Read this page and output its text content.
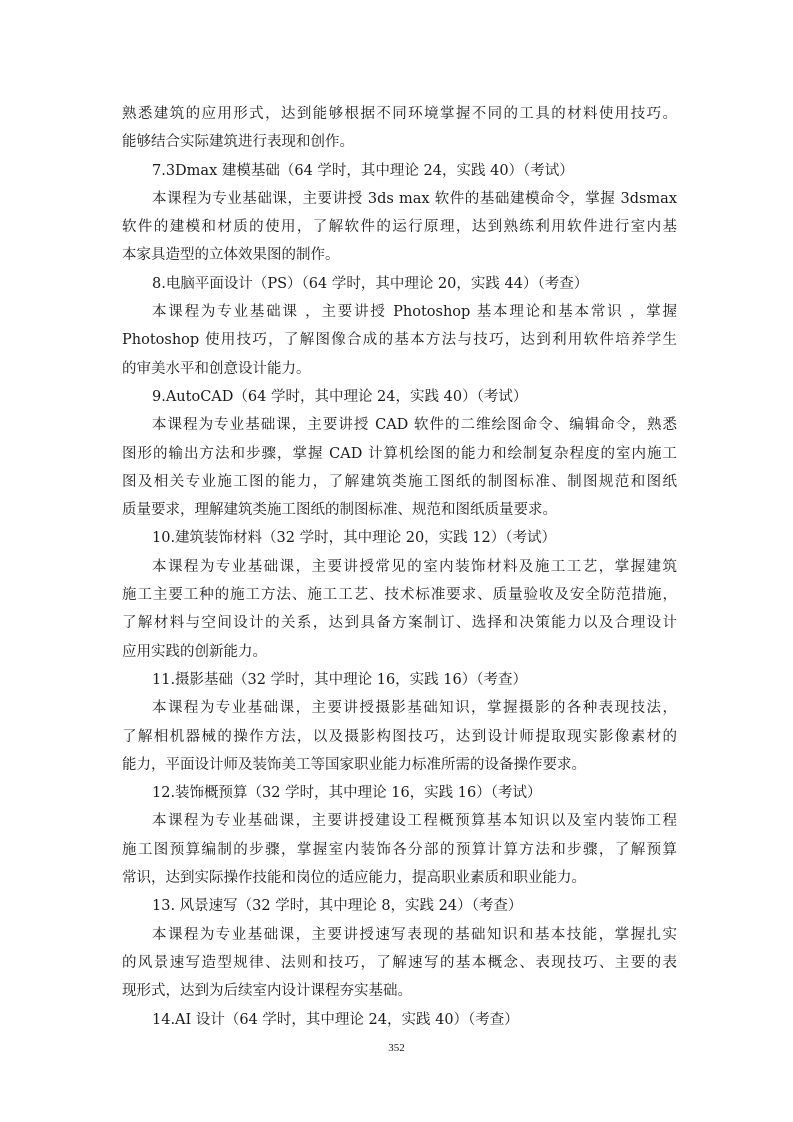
熟悉建筑的应用形式，达到能够根据不同环境掌握不同的工具的材料使用技巧。
能够结合实际建筑进行表现和创作。

7.3Dmax 建模基础（64 学时，其中理论 24，实践 40）（考试）

本课程为专业基础课，主要讲授 3ds max 软件的基础建模命令，掌握 3dsmax
软件的建模和材质的使用，了解软件的运行原理，达到熟练利用软件进行室内基
本家具造型的立体效果图的制作。

8.电脑平面设计（PS）（64 学时，其中理论 20，实践 44）（考查）

本课程为专业基础课 ，主要讲授 Photoshop 基本理论和基本常识 ，掌握
Photoshop 使用技巧，了解图像合成的基本方法与技巧，达到利用软件培养学生
的审美水平和创意设计能力。

9.AutoCAD（64 学时，其中理论 24，实践 40）（考试）

本课程为专业基础课，主要讲授 CAD 软件的二维绘图命令、编辑命令，熟悉
图形的输出方法和步骤，掌握 CAD 计算机绘图的能力和绘制复杂程度的室内施工
图及相关专业施工图的能力，了解建筑类施工图纸的制图标准、制图规范和图纸
质量要求，理解建筑类施工图纸的制图标准、规范和图纸质量要求。

10.建筑装饰材料（32 学时，其中理论 20，实践 12）（考试）

本课程为专业基础课，主要讲授常见的室内装饰材料及施工工艺，掌握建筑
施工主要工种的施工方法、施工工艺、技术标准要求、质量验收及安全防范措施，
了解材料与空间设计的关系，达到具备方案制订、选择和决策能力以及合理设计
应用实践的创新能力。

11.摄影基础（32 学时，其中理论 16，实践 16）（考查）

本课程为专业基础课，主要讲授摄影基础知识，掌握摄影的各种表现技法，
了解相机器械的操作方法，以及摄影构图技巧，达到设计师提取现实影像素材的
能力，平面设计师及装饰美工等国家职业能力标准所需的设备操作要求。

12.装饰概预算（32 学时，其中理论 16，实践 16）（考试）

本课程为专业基础课，主要讲授建设工程概预算基本知识以及室内装饰工程
施工图预算编制的步骤，掌握室内装饰各分部的预算计算方法和步骤，了解预算
常识，达到实际操作技能和岗位的适应能力，提高职业素质和职业能力。

13. 风景速写（32 学时，其中理论 8，实践 24）（考查）

本课程为专业基础课，主要讲授速写表现的基础知识和基本技能，掌握扎实
的风景速写造型规律、法则和技巧，了解速写的基本概念、表现技巧、主要的表
现形式，达到为后续室内设计课程夯实基础。

14.AI 设计（64 学时，其中理论 24，实践 40）（考查）

352
